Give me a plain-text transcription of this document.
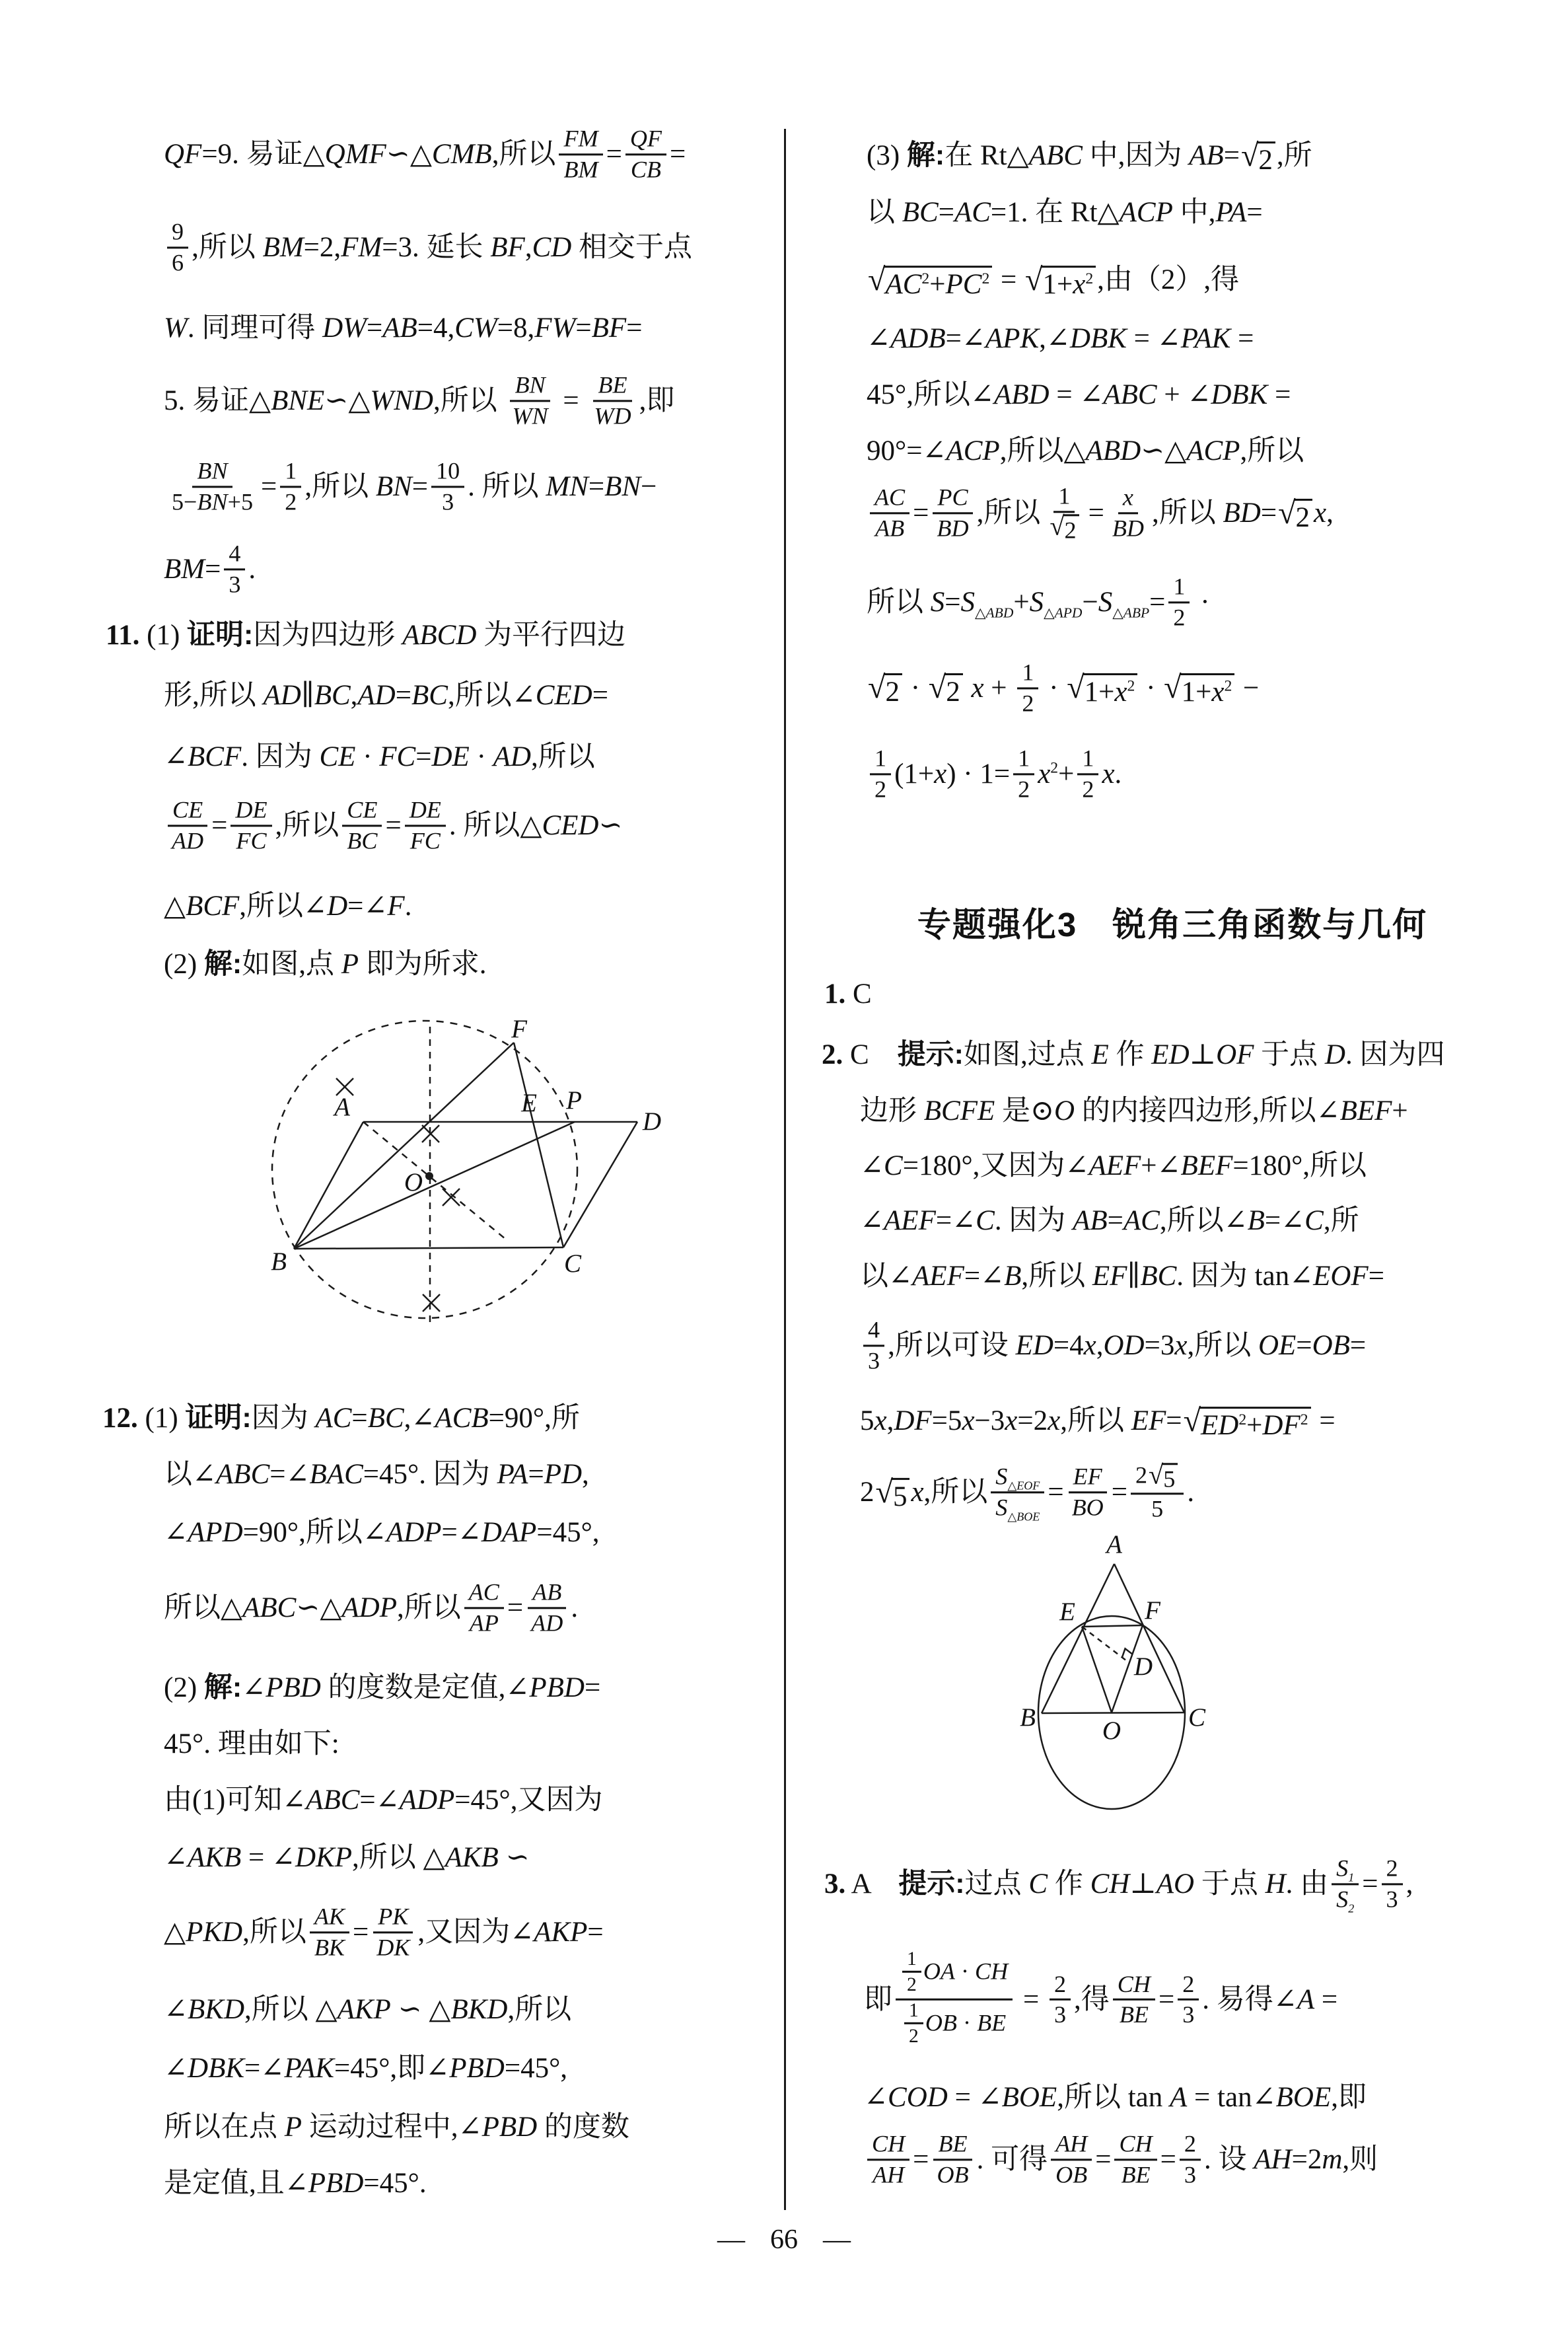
QF=9. 易证△QMF∽△CMB,所以 $\frac{FM}{BM} = \frac{QF}{CB}$ =
$\frac{9}{6}$ ,所以 BM=2,FM=3. 延长 BF,CD 相交于点
W. 同理可得 DW=AB=4,CW=8,FW=BF=
5. 易证△BNE∽△WND,所以 $\frac{BN}{WN} = \frac{BE}{WD}$ ,即
$\frac{BN}{5-BN+5} = \frac{1}{2}$ ,所以 $BN= \frac{10}{3}$ . 所以 MN=BN−
$BM= \frac{4}{3}$ .
11. (1) 证明:因为四边形 ABCD 为平行四边
形,所以 AD∥BC,AD=BC,所以∠CED=
∠BCF. 因为 CE · FC=DE · AD,所以
$\frac{CE}{AD} = \frac{DE}{FC}$ ,所以 $\frac{CE}{BC} = \frac{DE}{FC}$ . 所以△CED∽
△BCF,所以∠D=∠F.
(2) 解:如图,点 P 即为所求.
12. (1) 证明:因为 AC=BC,∠ACB=90°,所
以∠ABC=∠BAC=45°. 因为 PA=PD,
∠APD=90°,所以∠ADP=∠DAP=45°,
所以△ABC∽△ADP,所以 $\frac{AC}{AP} = \frac{AB}{AD}$ .
(2) 解:∠PBD 的度数是定值,∠PBD=
45°. 理由如下:
由(1)可知∠ABC=∠ADP=45°,又因为
∠AKB = ∠DKP,所以 △AKB ∽
△PKD,所以 $\frac{AK}{BK} = \frac{PK}{DK}$ ,又因为∠AKP=
∠BKD,所以 △AKP ∽ △BKD,所以
∠DBK=∠PAK=45°,即∠PBD=45°,
所以在点 P 运动过程中,∠PBD 的度数
是定值,且∠PBD=45°.
(3) 解:在 Rt△ABC 中,因为 AB= √ 2 ,所
以 BC=AC=1. 在 Rt△ACP 中,PA=
√ $AC^2+PC^2$ = √ $1+x^2$ ,由（2）,得
∠ADB=∠APK,∠DBK = ∠PAK =
45°,所以∠ABD = ∠ABC + ∠DBK =
90°=∠ACP,所以△ABD∽△ACP,所以
$\frac{AC}{AB} = \frac{PC}{BD}$ ,所以 $\frac{1}{√ 2} = \frac{x}{BD}$ ,所以 BD= √ 2 x,
所以 $S=S_{\triangle ABD}+S_{\triangle APD}-S_{\triangle ABP}= \frac{1}{2}$ ·
√ 2 · √ 2 $x + \frac{1}{2}$ · √ $1+x^2$ · √ $1+x^2$ −
$\frac{1}{2} (1+x) \cdot 1= \frac{1}{2} x^2+ \frac{1}{2} x$.
1. C
2. C　提示:如图,过点 E 作 ED⊥OF 于点 D. 因为四
边形 BCFE 是⊙O 的内接四边形,所以∠BEF+
∠C=180°,又因为∠AEF+∠BEF=180°,所以
∠AEF=∠C. 因为 AB=AC,所以∠B=∠C,所
以∠AEF=∠B,所以 EF∥BC. 因为 tan∠EOF=
$\frac{4}{3}$ ,所以可设 ED=4x,OD=3x,所以 OE=OB=
5x,DF=5x−3x=2x,所以 EF= √ $ED^2+DF^2$ =
2 √ 5 x,所以 $\frac{S_{\triangle EOF}}{S_{\triangle BOE}} = \frac{EF}{BO} = \frac{2 √ 5}{5}$ .
3. A　提示:过点 C 作 CH⊥AO 于点 H. 由 $\frac{S_1}{S_2} = \frac{2}{3}$ ,
即 $\frac{\frac{1}{2} OA \cdot CH}{\frac{1}{2} OB \cdot BE} = \frac{2}{3}$ ,得 $\frac{CH}{BE} = \frac{2}{3}$ . 易得∠A =
∠COD = ∠BOE,所以 tan A = tan∠BOE,即
$\frac{CH}{AH} = \frac{BE}{OB}$ . 可得 $\frac{AH}{OB} = \frac{CH}{BE} = \frac{2}{3}$ . 设 AH=2m,则
专题强化3　锐角三角函数与几何
A
B	C
D
E P
F
O
A
E	F
D
B	O	C
— 66 —
